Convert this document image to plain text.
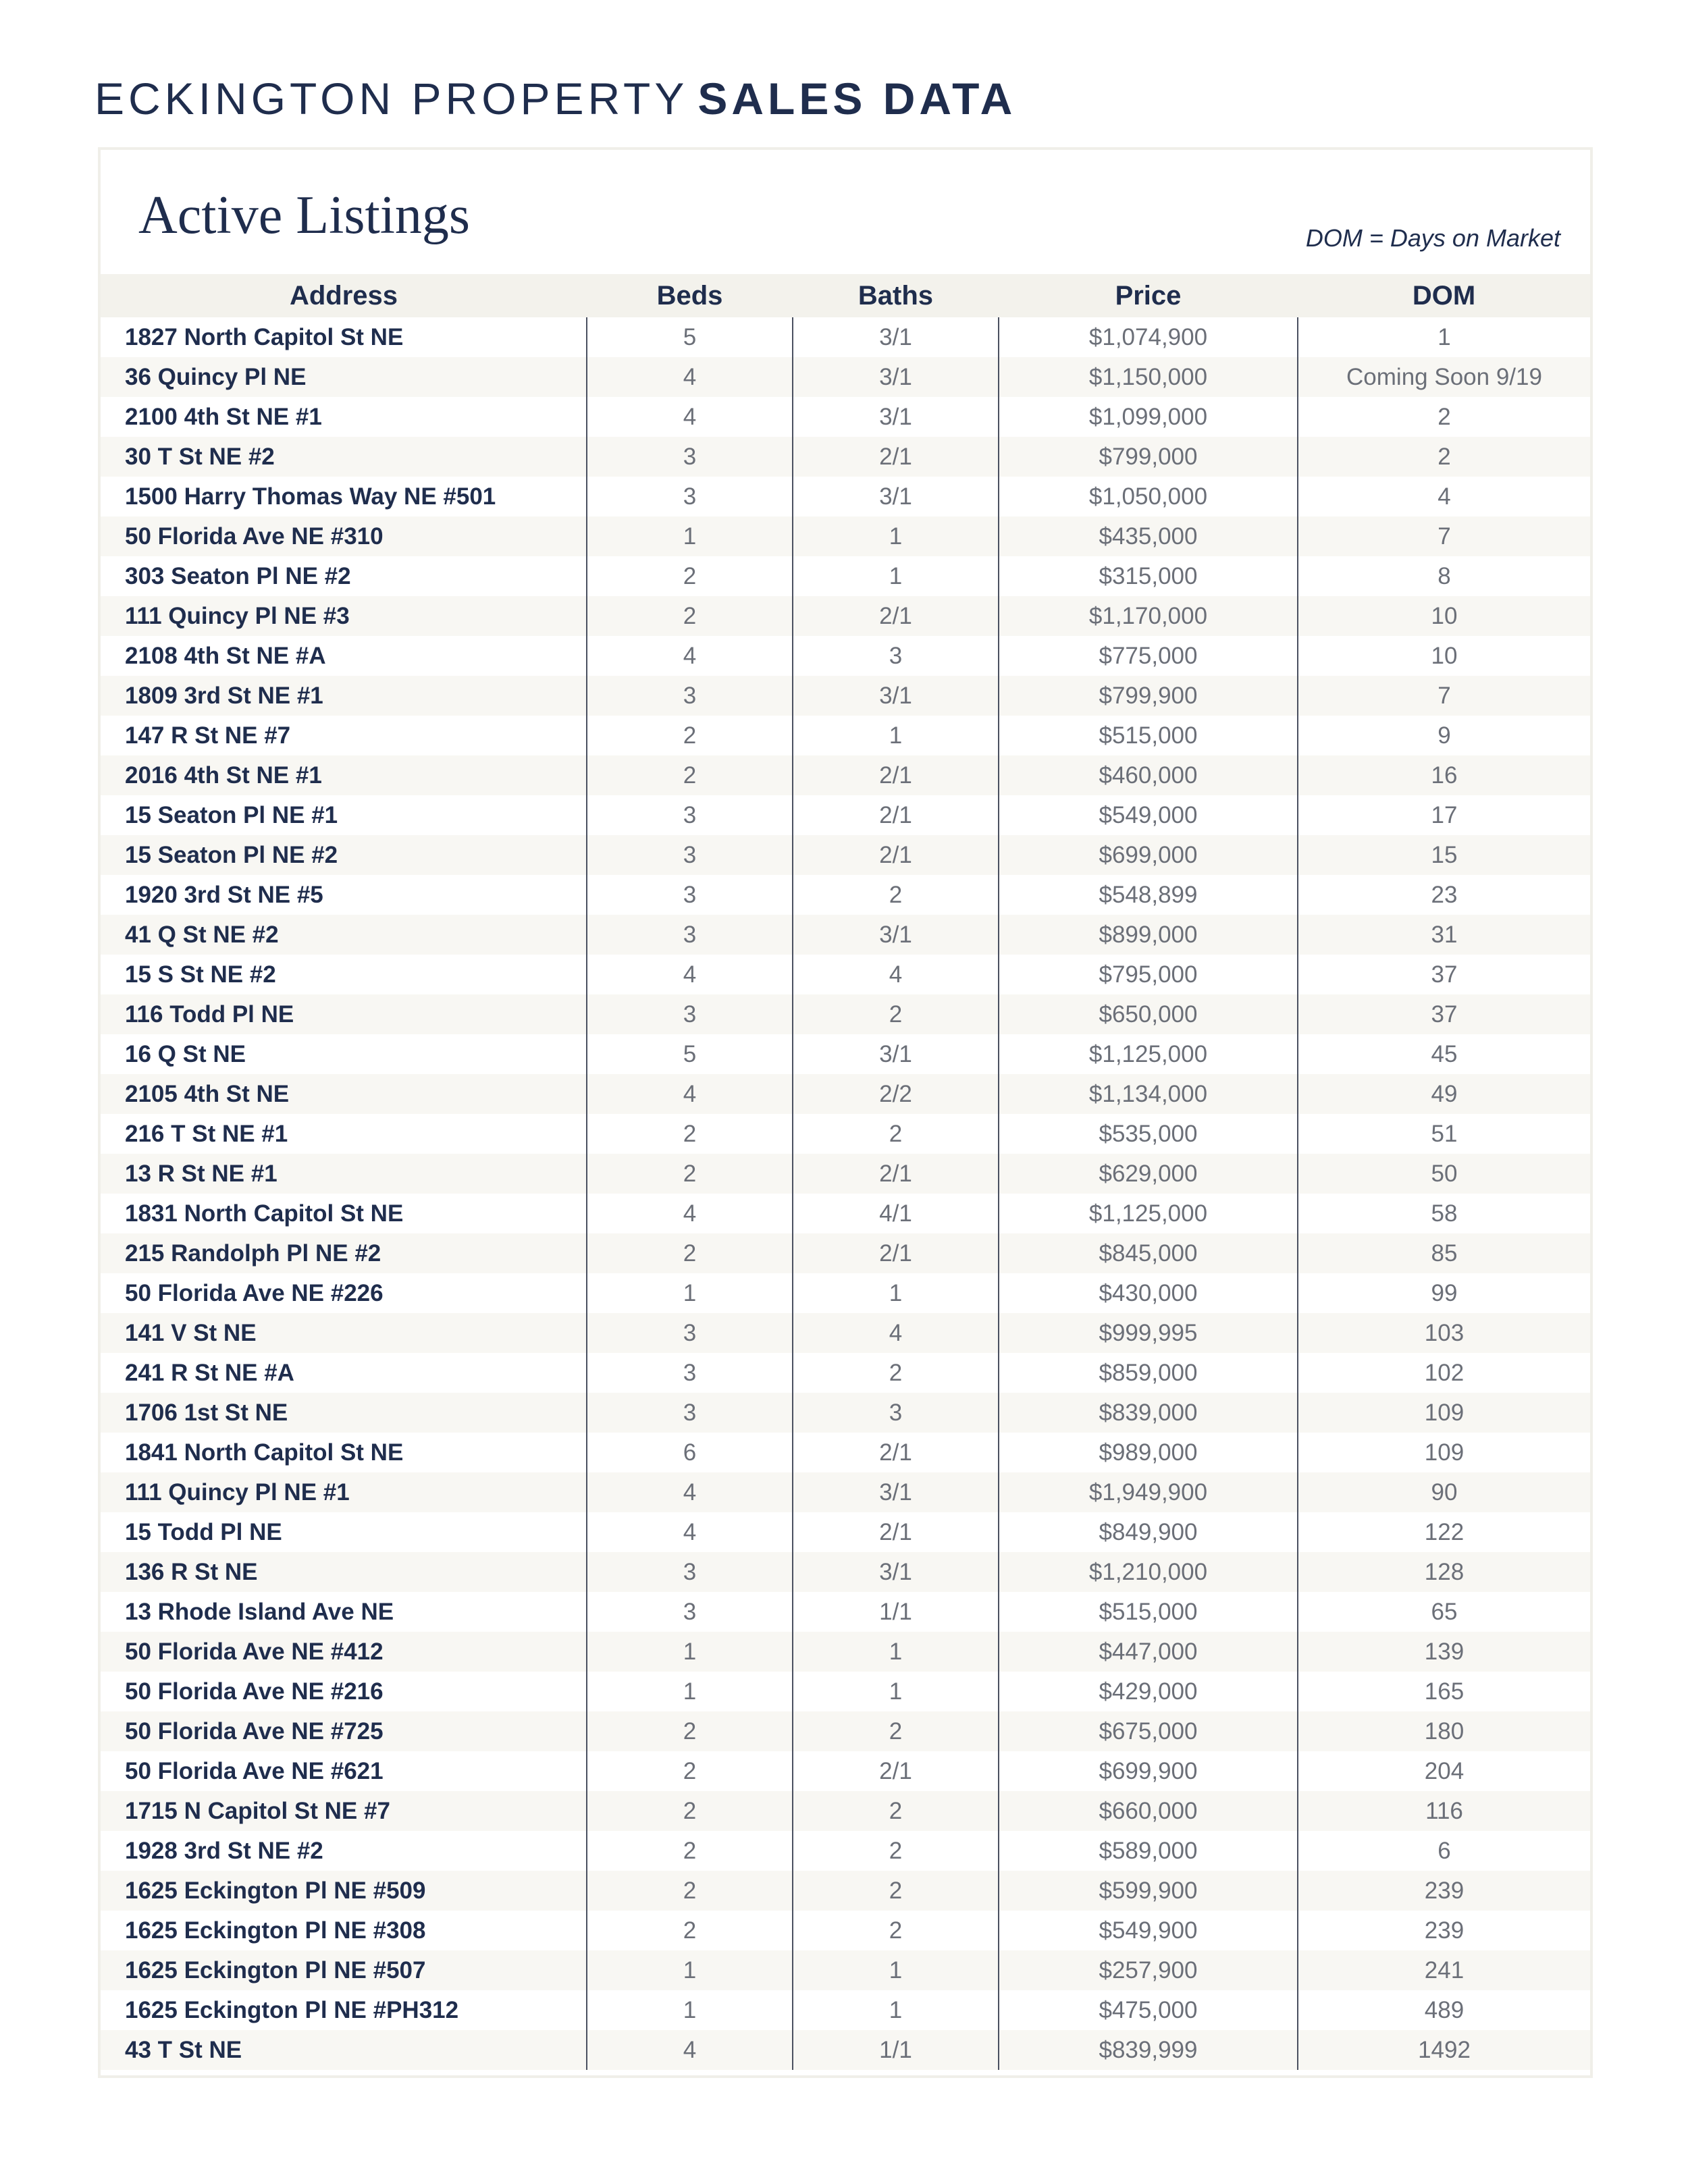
ECKINGTON PROPERTY SALES DATA
Active Listings	DOM = Days on Market
Address	Beds	Baths	Price	DOM
1827 North Capitol St NE	5	3/1	$1,074,900	1
36 Quincy Pl NE	4	3/1	$1,150,000	Coming Soon 9/19
2100 4th St NE #1	4	3/1	$1,099,000	2
30 T St NE #2	3	2/1	$799,000	2
1500 Harry Thomas Way NE #501	3	3/1	$1,050,000	4
50 Florida Ave NE #310	1	1	$435,000	7
303 Seaton Pl NE #2	2	1	$315,000	8
111 Quincy Pl NE #3	2	2/1	$1,170,000	10
2108 4th St NE #A	4	3	$775,000	10
1809 3rd St NE #1	3	3/1	$799,900	7
147 R St NE #7	2	1	$515,000	9
2016 4th St NE #1	2	2/1	$460,000	16
15 Seaton Pl NE #1	3	2/1	$549,000	17
15 Seaton Pl NE #2	3	2/1	$699,000	15
1920 3rd St NE #5	3	2	$548,899	23
41 Q St NE #2	3	3/1	$899,000	31
15 S St NE #2	4	4	$795,000	37
116 Todd Pl NE	3	2	$650,000	37
16 Q St NE	5	3/1	$1,125,000	45
2105 4th St NE	4	2/2	$1,134,000	49
216 T St NE #1	2	2	$535,000	51
13 R St NE #1	2	2/1	$629,000	50
1831 North Capitol St NE	4	4/1	$1,125,000	58
215 Randolph Pl NE #2	2	2/1	$845,000	85
50 Florida Ave NE #226	1	1	$430,000	99
141 V St NE	3	4	$999,995	103
241 R St NE #A	3	2	$859,000	102
1706 1st St NE	3	3	$839,000	109
1841 North Capitol St NE	6	2/1	$989,000	109
111 Quincy Pl NE #1	4	3/1	$1,949,900	90
15 Todd Pl NE	4	2/1	$849,900	122
136 R St NE	3	3/1	$1,210,000	128
13 Rhode Island Ave NE	3	1/1	$515,000	65
50 Florida Ave NE #412	1	1	$447,000	139
50 Florida Ave NE #216	1	1	$429,000	165
50 Florida Ave NE #725	2	2	$675,000	180
50 Florida Ave NE #621	2	2/1	$699,900	204
1715 N Capitol St NE #7	2	2	$660,000	116
1928 3rd St NE #2	2	2	$589,000	6
1625 Eckington Pl NE #509	2	2	$599,900	239
1625 Eckington Pl NE #308	2	2	$549,900	239
1625 Eckington Pl NE #507	1	1	$257,900	241
1625 Eckington Pl NE #PH312	1	1	$475,000	489
43 T St NE	4	1/1	$839,999	1492
